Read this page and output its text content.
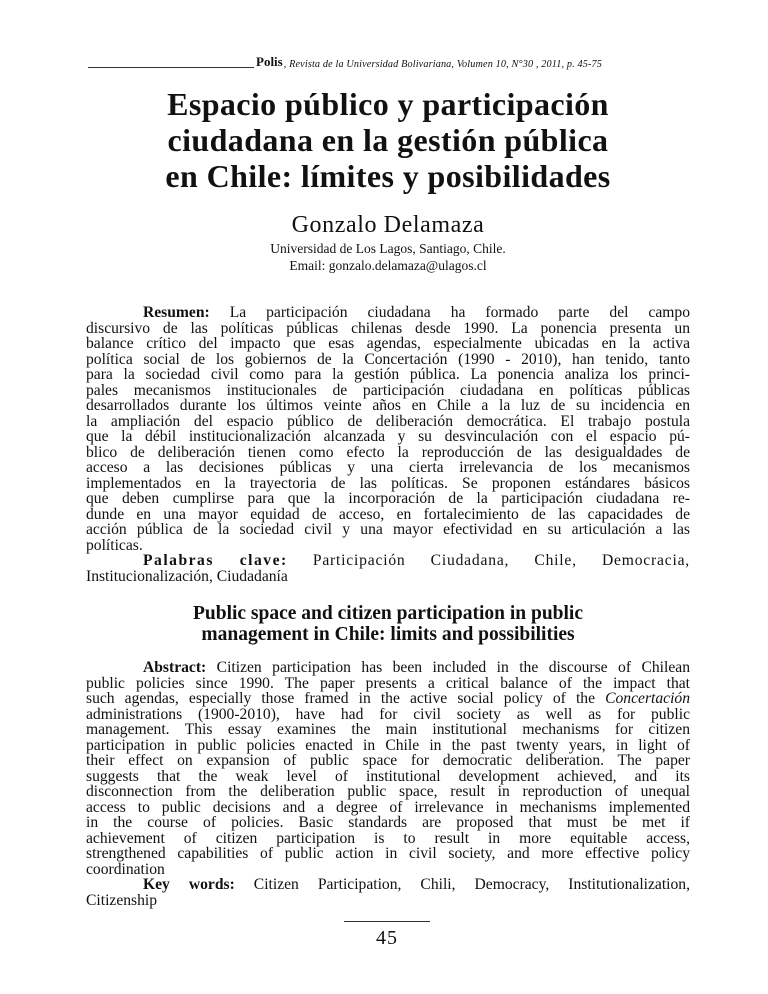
Polis , Revista de la Universidad Bolivariana, Volumen 10, N°30 , 2011, p. 45-75
Espacio público y participación
ciudadana en la gestión pública
en Chile: límites y posibilidades
Gonzalo Delamaza
Universidad de Los Lagos, Santiago, Chile.
Email: gonzalo.delamaza@ulagos.cl
Resumen: La participación ciudadana ha formado parte del campo
discursivo de las políticas públicas chilenas desde 1990. La ponencia presenta un
balance crítico del impacto que esas agendas, especialmente ubicadas en la activa
política social de los gobiernos de la Concertación (1990 - 2010), han tenido, tanto
para la sociedad civil como para la gestión pública. La ponencia analiza los princi-
pales mecanismos institucionales de participación ciudadana en políticas públicas
desarrollados durante los últimos veinte años en Chile a la luz de su incidencia en
la ampliación del espacio público de deliberación democrática. El trabajo postula
que la débil institucionalización alcanzada y su desvinculación con el espacio pú-
blico de deliberación tienen como efecto la reproducción de las desigualdades de
acceso a las decisiones públicas y una cierta irrelevancia de los mecanismos
implementados en la trayectoria de las políticas. Se proponen estándares básicos
que deben cumplirse para que la incorporación de la participación ciudadana re-
dunde en una mayor equidad de acceso, en fortalecimiento de las capacidades de
acción pública de la sociedad civil y una mayor efectividad en su articulación a las
políticas.
Palabras clave: Participación Ciudadana, Chile, Democracia,
Institucionalización, Ciudadanía
Public space and citizen participation in public
management in Chile: limits and possibilities
Abstract: Citizen participation has been included in the discourse of Chilean
public policies since 1990. The paper presents a critical balance of the impact that
such agendas, especially those framed in the active social policy of the Concertación
administrations (1900-2010), have had for civil society as well as for public
management. This essay examines the main institutional mechanisms for citizen
participation in public policies enacted in Chile in the past twenty years, in light of
their effect on expansion of public space for democratic deliberation. The paper
suggests that the weak level of institutional development achieved, and its
disconnection from the deliberation public space, result in reproduction of unequal
access to public decisions and a degree of irrelevance in mechanisms implemented
in the course of policies. Basic standards are proposed that must be met if
achievement of citizen participation is to result in more equitable access,
strengthened capabilities of public action in civil society, and more effective policy
coordination
Key words: Citizen Participation, Chili, Democracy, Institutionalization,
Citizenship
45
